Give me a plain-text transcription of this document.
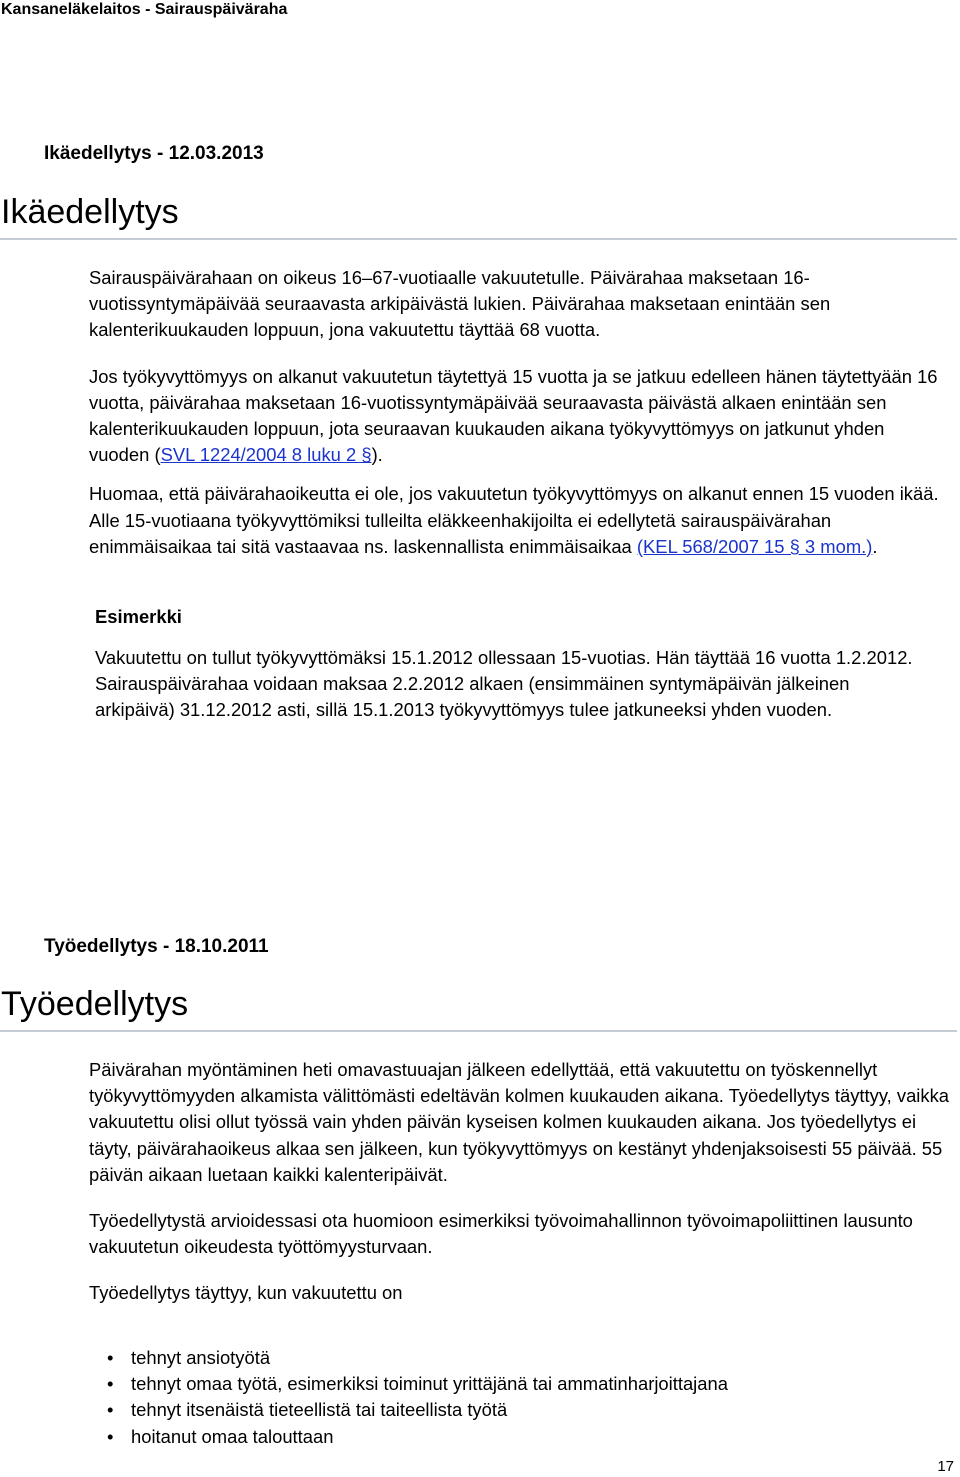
Kansaneläkelaitos - Sairauspäiväraha
Ikäedellytys - 12.03.2013
Ikäedellytys

Sairauspäivärahaan on oikeus 16–67-vuotiaalle vakuutetulle. Päivärahaa maksetaan 16-vuotissyntymäpäivää seuraavasta arkipäivästä lukien. Päivärahaa maksetaan enintään sen kalenterikuukauden loppuun, jona vakuutettu täyttää 68 vuotta.

Jos työkyvyttömyys on alkanut vakuutetun täytettyä 15 vuotta ja se jatkuu edelleen hänen täytettyään 16 vuotta, päivärahaa maksetaan 16-vuotissyntymäpäivää seuraavasta päivästä alkaen enintään sen kalenterikuukauden loppuun, jota seuraavan kuukauden aikana työkyvyttömyys on jatkunut yhden vuoden (SVL 1224/2004 8 luku 2 §).

Huomaa, että päivärahaoikeutta ei ole, jos vakuutetun työkyvyttömyys on alkanut ennen 15 vuoden ikää. Alle 15-vuotiaana työkyvyttömiksi tulleilta eläkkeenhakijoilta ei edellytetä sairauspäivärahan enimmäisaikaa tai sitä vastaavaa ns. laskennallista enimmäisaikaa (KEL 568/2007 15 § 3 mom.).

Esimerkki

Vakuutettu on tullut työkyvyttömäksi 15.1.2012 ollessaan 15-vuotias. Hän täyttää 16 vuotta 1.2.2012. Sairauspäivärahaa voidaan maksaa 2.2.2012 alkaen (ensimmäinen syntymäpäivän jälkeinen arkipäivä) 31.12.2012 asti, sillä 15.1.2013 työkyvyttömyys tulee jatkuneeksi yhden vuoden.

Työedellytys - 18.10.2011
Työedellytys

Päivärahan myöntäminen heti omavastuuajan jälkeen edellyttää, että vakuutettu on työskennellyt työkyvyttömyyden alkamista välittömästi edeltävän kolmen kuukauden aikana. Työedellytys täyttyy, vaikka vakuutettu olisi ollut työssä vain yhden päivän kyseisen kolmen kuukauden aikana. Jos työedellytys ei täyty, päivärahaoikeus alkaa sen jälkeen, kun työkyvyttömyys on kestänyt yhdenjaksoisesti 55 päivää. 55 päivän aikaan luetaan kaikki kalenteripäivät.

Työedellytystä arvioidessasi ota huomioon esimerkiksi työvoimahallinnon työvoimapoliittinen lausunto vakuutetun oikeudesta työttömyysturvaan.

Työedellytys täyttyy, kun vakuutettu on

• tehnyt ansiotyötä
• tehnyt omaa työtä, esimerkiksi toiminut yrittäjänä tai ammatinharjoittajana
• tehnyt itsenäistä tieteellistä tai taiteellista työtä
• hoitanut omaa talouttaan
17
